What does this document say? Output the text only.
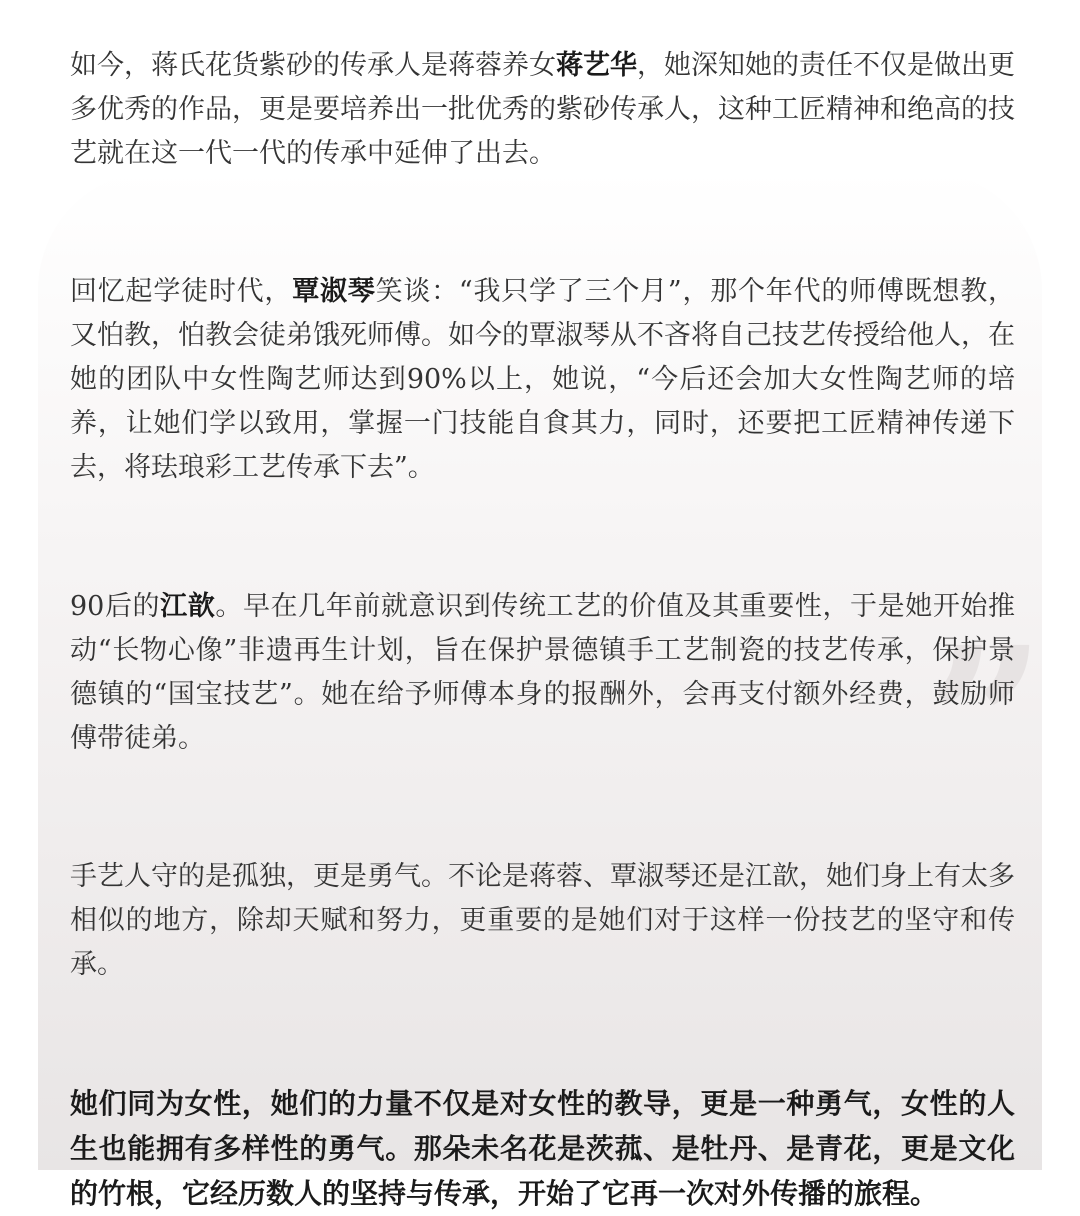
”

如今，蒋氏花货紫砂的传承人是蒋蓉养女蒋艺华，她深知她的责任不仅是做出更多优秀的作品，更是要培养出一批优秀的紫砂传承人，这种工匠精神和绝高的技艺就在这一代一代的传承中延伸了出去。

回忆起学徒时代，覃淑琴笑谈：“我只学了三个月”，那个年代的师傅既想教，又怕教，怕教会徒弟饿死师傅。如今的覃淑琴从不吝将自己技艺传授给他人，在她的团队中女性陶艺师达到90%以上，她说，“今后还会加大女性陶艺师的培养，让她们学以致用，掌握一门技能自食其力，同时，还要把工匠精神传递下去，将珐琅彩工艺传承下去”。

90后的江歆。早在几年前就意识到传统工艺的价值及其重要性，于是她开始推动“长物心像”非遗再生计划，旨在保护景德镇手工艺制瓷的技艺传承，保护景德镇的“国宝技艺”。她在给予师傅本身的报酬外，会再支付额外经费，鼓励师傅带徒弟。

手艺人守的是孤独，更是勇气。不论是蒋蓉、覃淑琴还是江歆，她们身上有太多相似的地方，除却天赋和努力，更重要的是她们对于这样一份技艺的坚守和传承。

她们同为女性，她们的力量不仅是对女性的教导，更是一种勇气，女性的人生也能拥有多样性的勇气。那朵未名花是茨菰、是牡丹、是青花，更是文化的竹根，它经历数人的坚持与传承，开始了它再一次对外传播的旅程。
